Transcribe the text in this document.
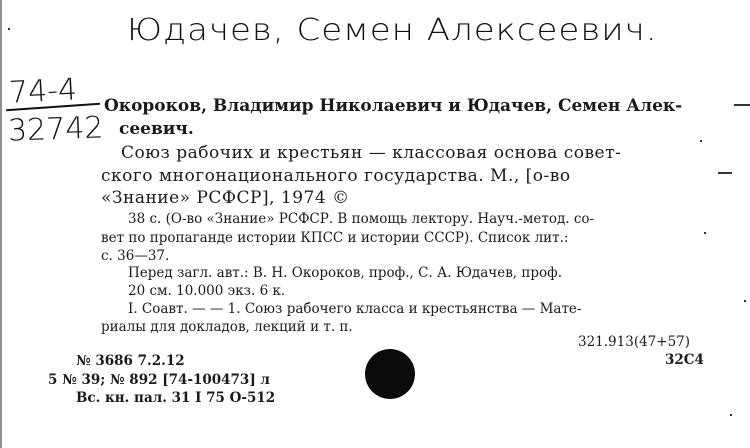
Юдачев, Семен Алексеевич.
74-4
32742
Окороков, Владимир Николаевич и Юдачев, Семен Алек-
сеевич.
Союз рабочих и крестьян — классовая основа совет-
ского многонационального государства. М., [о-во
«Знание» РСФСР], 1974 ©
38 с. (О-во «Знание» РСФСР. В помощь лектору. Науч.-метод. со-
вет по пропаганде истории КПСС и истории СССР). Список лит.:
с. 36—37.
Перед загл. авт.: В. Н. Окороков, проф., С. А. Юдачев, проф.
20 см. 10.000 экз. 6 к.
I. Соавт. — — 1. Союз рабочего класса и крестьянства — Мате-
риалы для докладов, лекций и т. п.
321.913(47+57)
32С4
№ 3686 7.2.12
5 № 39; № 892 [74-100473] л
Вс. кн. пал. 31 I 75 О-512
